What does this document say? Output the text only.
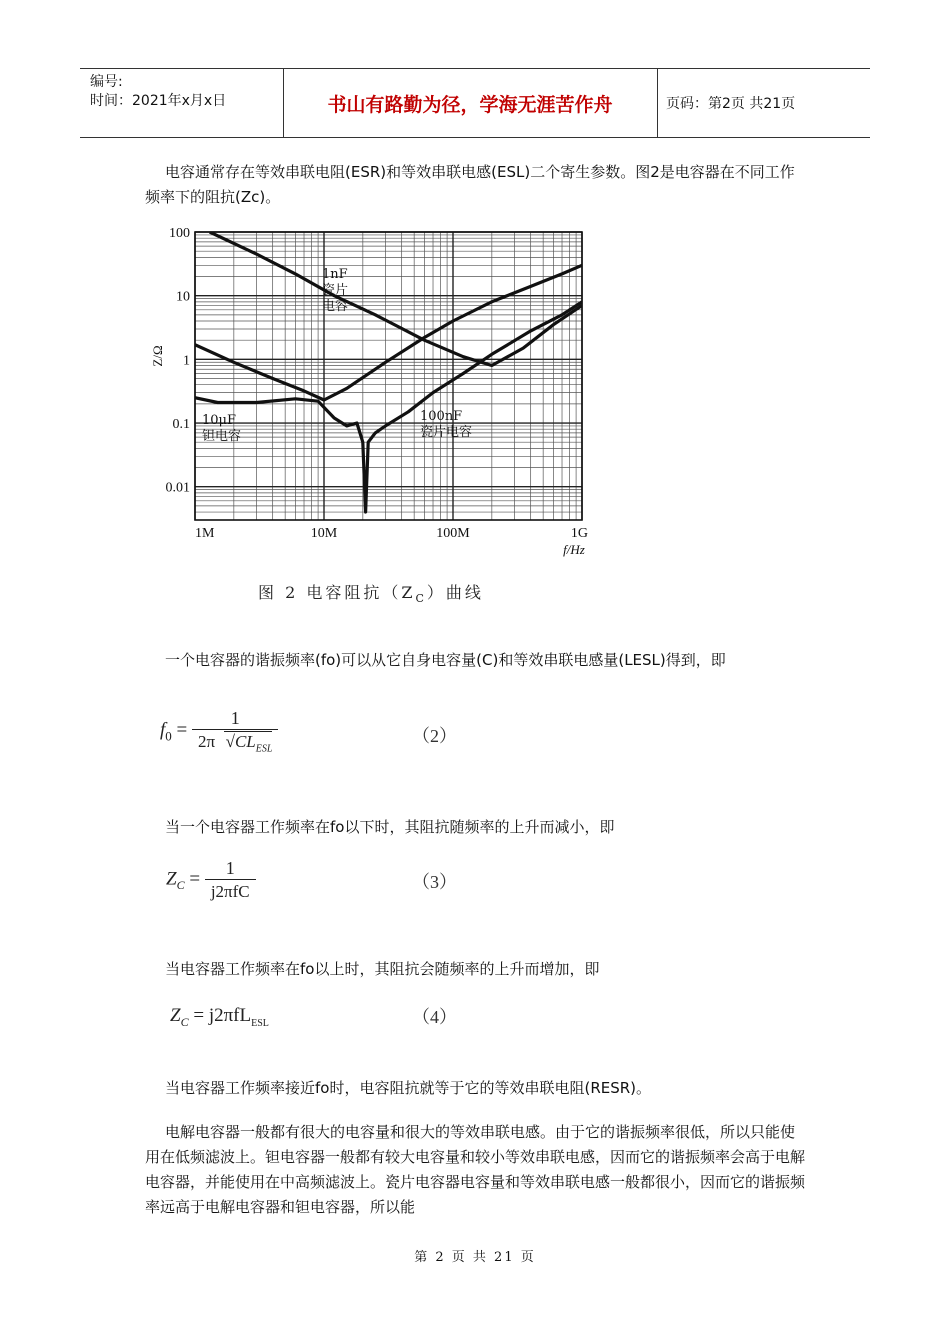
编号:
时间：2021年x月x日	书山有路勤为径，学海无涯苦作舟	页码：第2页 共21页
电容通常存在等效串联电阻(ESR)和等效串联电感(ESL)二个寄生参数。图2是电容器在不同工作频率下的阻抗(Zc)。
1M	10M	100M	1G
100
10
1
0.1
0.01
f/Hz
Z/Ω
1nF
瓷片
电容
100nF
瓷片电容
10μF
钽电容
图 2 电容阻抗$(Z_C)$曲线
一个电容器的谐振频率(fo)可以从它自身电容量(C)和等效串联电感量(LESL)得到，即
$f_0 = \frac{1}{2\pi √CL_{ESL}}$	（2）
当一个电容器工作频率在fo以下时，其阻抗随频率的上升而减小，即
$Z_C = \frac{1}{\text{j2πfC}}$	（3）
当电容器工作频率在fo以上时，其阻抗会随频率的上升而增加，即
$Z_C = j2\pi fL_{ESL}$	（4）
当电容器工作频率接近fo时，电容阻抗就等于它的等效串联电阻(RESR)。
电解电容器一般都有很大的电容量和很大的等效串联电感。由于它的谐振频率很低，所以只能使用在低频滤波上。钽电容器一般都有较大电容量和较小等效串联电感，因而它的谐振频率会高于电解电容器，并能使用在中高频滤波上。瓷片电容器电容量和等效串联电感一般都很小，因而它的谐振频率远高于电解电容器和钽电容器，所以能
第 2 页 共 21 页
